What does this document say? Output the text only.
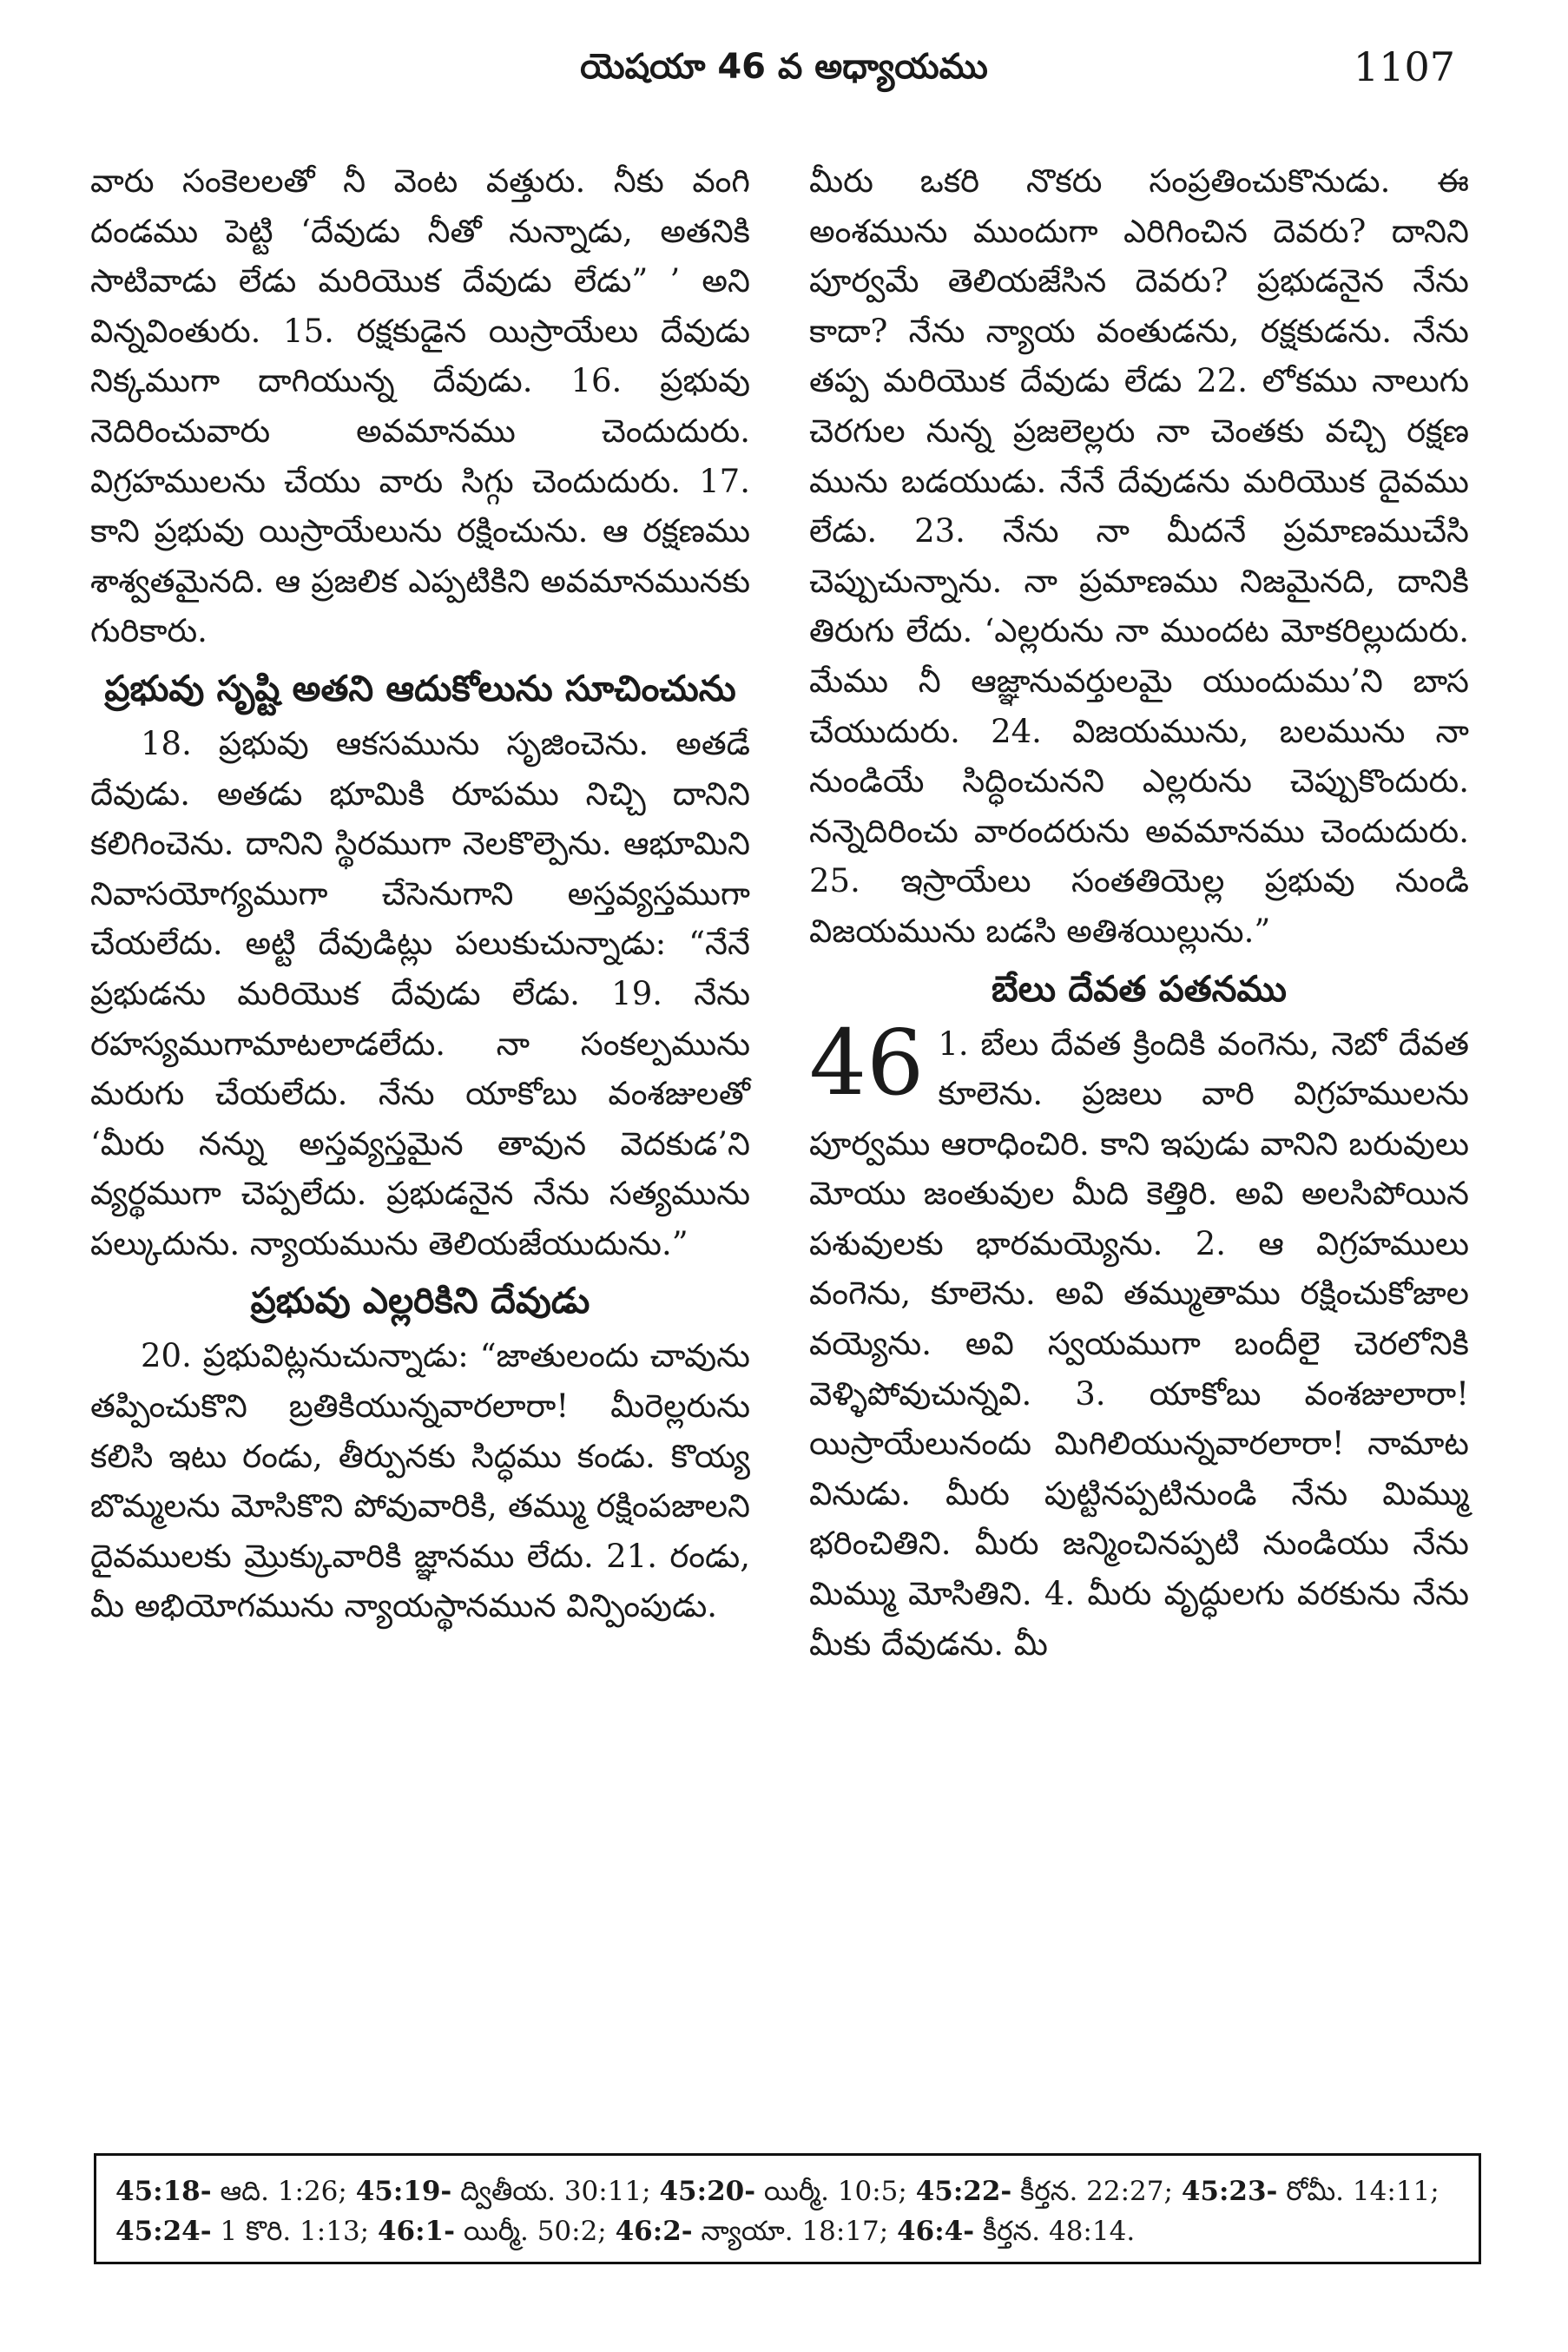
యెషయా 46 వ అధ్యాయము	1107

వారు సంకెలలతో నీ వెంట వత్తురు. నీకు వంగి దండము పెట్టి ‘దేవుడు నీతో నున్నాడు, అతనికి సాటివాడు లేడు మరియొక దేవుడు లేడు” ’ అని విన్నవింతురు. 15. రక్షకుడైన యిస్రాయేలు దేవుడు నిక్కముగా దాగియున్న దేవుడు. 16. ప్రభువు నెదిరించువారు అవమానము చెందుదురు. విగ్రహములను చేయు వారు సిగ్గు చెందుదురు. 17. కాని ప్రభువు యిస్రాయేలును రక్షించును. ఆ రక్షణము శాశ్వతమైనది. ఆ ప్రజలిక ఎప్పటికిని అవమానమునకు గురికారు.

ప్రభువు సృష్టి అతని ఆదుకోలును సూచించును

18. ప్రభువు ఆకసమును సృజించెను. అతడే దేవుడు. అతడు భూమికి రూపము నిచ్చి దానిని కలిగించెను. దానిని స్థిరముగా నెలకొల్పెను. ఆభూమిని నివాసయోగ్యముగా చేసెనుగాని అస్తవ్యస్తముగా చేయలేదు. అట్టి దేవుడిట్లు పలుకుచున్నాడు: “నేనే ప్రభుడను మరియొక దేవుడు లేడు. 19. నేను రహస్యముగామాటలాడలేదు. నా సంకల్పమును మరుగు చేయలేదు. నేను యాకోబు వంశజులతో ‘మీరు నన్ను అస్తవ్యస్తమైన తావున వెదకుడ’ని వ్యర్థముగా చెప్పలేదు. ప్రభుడనైన నేను సత్యమును పల్కుదును. న్యాయమును తెలియజేయుదును.”

ప్రభువు ఎల్లరికిని దేవుడు

20. ప్రభువిట్లనుచున్నాడు: “జాతులందు చావును తప్పించుకొని బ్రతికియున్నవారలారా! మీరెల్లరును కలిసి ఇటు రండు, తీర్పునకు సిద్ధము కండు. కొయ్య బొమ్మలను మోసికొని పోవువారికి, తమ్ము రక్షింపజాలని దైవములకు మ్రొక్కువారికి జ్ఞానము లేదు. 21. రండు, మీ అభియోగమును న్యాయస్థానమున విన్పింపుడు.

మీరు ఒకరి నొకరు సంప్రతించుకొనుడు. ఈ అంశమును ముందుగా ఎరిగించిన దెవరు? దానిని పూర్వమే తెలియజేసిన దెవరు? ప్రభుడనైన నేను కాదా? నేను న్యాయ వంతుడను, రక్షకుడను. నేను తప్ప మరియొక దేవుడు లేడు 22. లోకము నాలుగు చెరగుల నున్న ప్రజలెల్లరు నా చెంతకు వచ్చి రక్షణ మును బడయుడు. నేనే దేవుడను మరియొక దైవము లేడు. 23. నేను నా మీదనే ప్రమాణముచేసి చెప్పుచున్నాను. నా ప్రమాణము నిజమైనది, దానికి తిరుగు లేదు. ‘ఎల్లరును నా ముందట మోకరిల్లుదురు. మేము నీ ఆజ్ఞానువర్తులమై యుందుము’ని బాస చేయుదురు. 24. విజయమును, బలమును నా నుండియే సిద్ధించునని ఎల్లరును చెప్పుకొందురు. నన్నెదిరించు వారందరును అవమానము చెందుదురు. 25. ఇస్రాయేలు సంతతియెల్ల ప్రభువు నుండి విజయమును బడసి అతిశయిల్లును.”

బేలు దేవత పతనము

46 1. బేలు దేవత క్రిందికి వంగెను, నెబో దేవత కూలెను. ప్రజలు వారి విగ్రహములను పూర్వము ఆరాధించిరి. కాని ఇపుడు వానిని బరువులు మోయు జంతువుల మీది కెత్తిరి. అవి అలసిపోయిన పశువులకు భారమయ్యెను. 2. ఆ విగ్రహములు వంగెను, కూలెను. అవి తమ్ముతాము రక్షించుకోజాల వయ్యెను. అవి స్వయముగా బందీలై చెరలోనికి వెళ్ళిపోవుచున్నవి. 3. యాకోబు వంశజులారా! యిస్రాయేలునందు మిగిలియున్నవారలారా! నామాట వినుడు. మీరు పుట్టినప్పటినుండి నేను మిమ్ము భరించితిని. మీరు జన్మించినప్పటి నుండియు నేను మిమ్ము మోసితిని. 4. మీరు వృద్ధులగు వరకును నేను మీకు దేవుడను. మీ

45:18- ఆది. 1:26; 45:19- ద్వితీయ. 30:11; 45:20- యిర్మీ. 10:5; 45:22- కీర్తన. 22:27; 45:23- రోమీ. 14:11; 45:24- 1 కొరి. 1:13; 46:1- యిర్మీ. 50:2; 46:2- న్యాయా. 18:17; 46:4- కీర్తన. 48:14.
